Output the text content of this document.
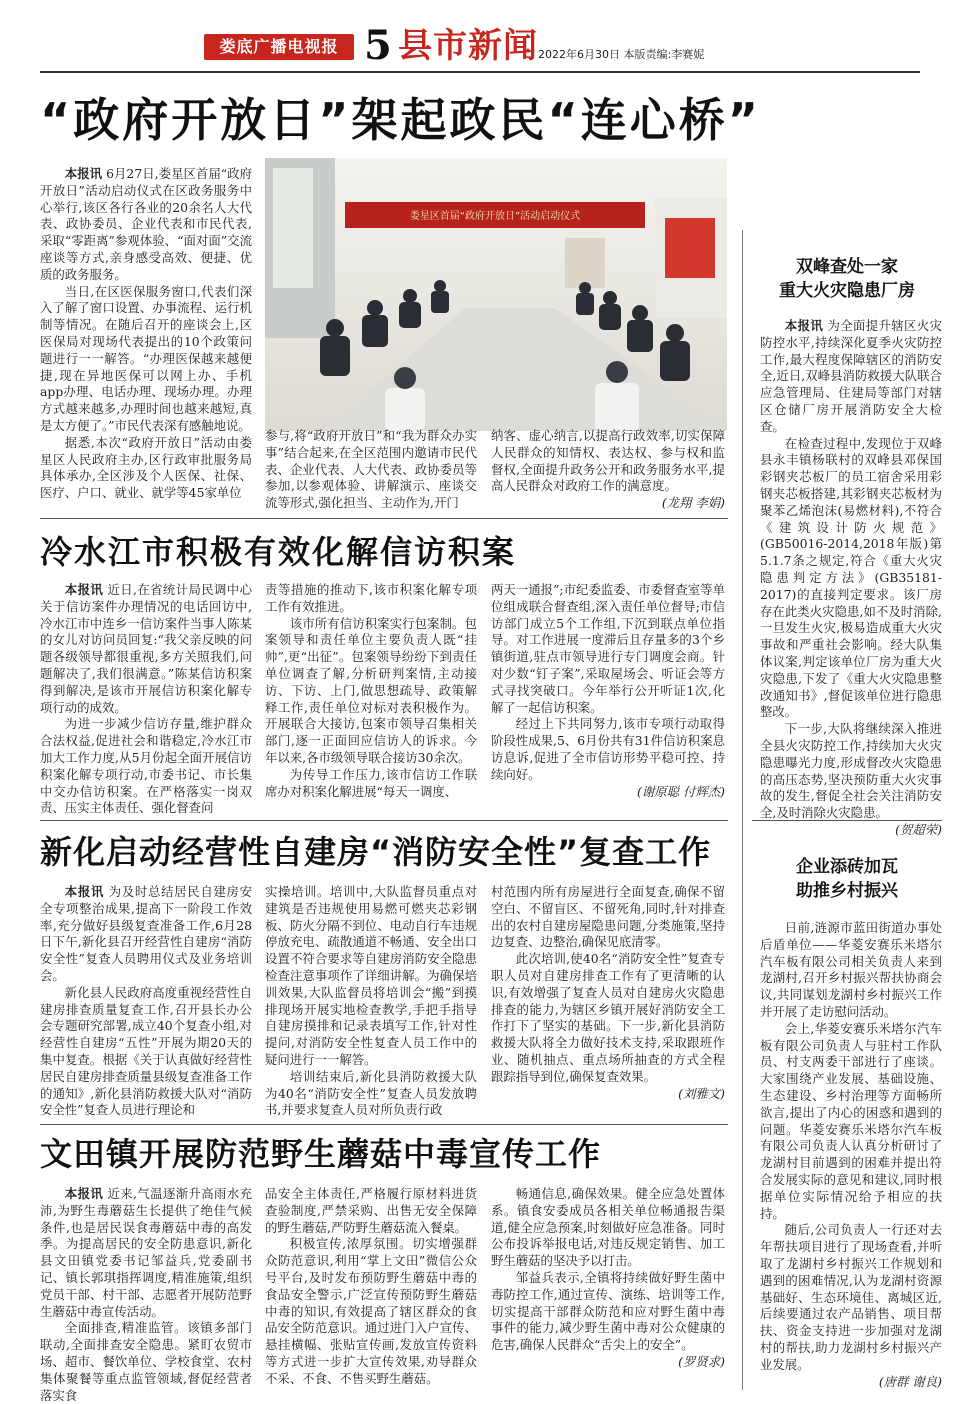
娄底广播电视报 5 县市新闻 2022年6月30日 本版责编:李赛妮
“政府开放日”架起政民“连心桥”

本报讯 6月27日,娄星区首届“政府开放日”活动启动仪式在区政务服务中心举行,该区各行各业的20余名人大代表、政协委员、企业代表和市民代表,采取“零距离”参观体验、“面对面”交流座谈等方式,亲身感受高效、便捷、优质的政务服务。

当日,在区医保服务窗口,代表们深入了解了窗口设置、办事流程、运行机制等情况。在随后召开的座谈会上,区医保局对现场代表提出的10个政策问题进行一一解答。“办理医保越来越便捷,现在异地医保可以网上办、手机app办理、电话办理、现场办理。办理方式越来越多,办理时间也越来越短,真是太方便了。”市民代表深有感触地说。

据悉,本次“政府开放日”活动由娄星区人民政府主办,区行政审批服务局具体承办,全区涉及个人医保、社保、医疗、户口、就业、就学等45家单位

娄星区首届“政府开放日”活动启动仪式

参与,将“政府开放日”和“我为群众办实事”结合起来,在全区范围内邀请市民代表、企业代表、人大代表、政协委员等参加,以参观体验、讲解演示、座谈交流等形式,强化担当、主动作为,开门

纳客、虚心纳言,以提高行政效率,切实保障人民群众的知情权、表达权、参与权和监督权,全面提升政务公开和政务服务水平,提高人民群众对政府工作的满意度。

(龙翔 李娟)
冷水江市积极有效化解信访积案

本报讯 近日,在省统计局民调中心关于信访案件办理情况的电话回访中,冷水江市中连乡一信访案件当事人陈某的女儿对访问员回复:“我父亲反映的问题各级领导都很重视,多方关照我们,问题解决了,我们很满意。”陈某信访积案得到解决,是该市开展信访积案化解专项行动的成效。

为进一步减少信访存量,维护群众合法权益,促进社会和谐稳定,冷水江市加大工作力度,从5月份起全面开展信访积案化解专项行动,市委书记、市长集中交办信访积案。在严格落实一岗双责、压实主体责任、强化督查问

责等措施的推动下,该市积案化解专项工作有效推进。

该市所有信访积案实行包案制。包案领导和责任单位主要负责人既“挂帅”,更“出征”。包案领导纷纷下到责任单位调查了解,分析研判案情,主动接访、下访、上门,做思想疏导、政策解释工作,责任单位对标对表积极作为。开展联合大接访,包案市领导召集相关部门,逐一正面回应信访人的诉求。今年以来,各市级领导联合接访30余次。

为传导工作压力,该市信访工作联席办对积案化解进展“每天一调度、

两天一通报”;市纪委监委、市委督查室等单位组成联合督查组,深入责任单位督导;市信访部门成立5个工作组,下沉到联点单位指导。对工作进展一度滞后且存量多的3个乡镇街道,驻点市领导进行专门调度会商。针对少数“钉子案”,采取屋场会、听证会等方式寻找突破口。今年举行公开听证1次,化解了一起信访积案。

经过上下共同努力,该市专项行动取得阶段性成果,5、6月份共有31件信访积案息访息诉,促进了全市信访形势平稳可控、持续向好。

(谢原聪 付辉杰)
新化启动经营性自建房“消防安全性”复查工作

本报讯 为及时总结居民自建房安全专项整治成果,提高下一阶段工作效率,充分做好县级复查准备工作,6月28日下午,新化县召开经营性自建房“消防安全性”复查人员聘用仪式及业务培训会。

新化县人民政府高度重视经营性自建房排查质量复查工作,召开县长办公会专题研究部署,成立40个复查小组,对经营性自建房“五性”开展为期20天的集中复查。根据《关于认真做好经营性居民自建房排查质量县级复查准备工作的通知》,新化县消防救援大队对“消防安全性”复查人员进行理论和

实操培训。培训中,大队监督员重点对建筑是否违规使用易燃可燃夹芯彩钢板、防火分隔不到位、电动自行车违规停放充电、疏散通道不畅通、安全出口设置不符合要求等自建房消防安全隐患检查注意事项作了详细讲解。为确保培训效果,大队监督员将培训会“搬”到摸排现场开展实地检查教学,手把手指导自建房摸排和记录表填写工作,针对性提问,对消防安全性复查人员工作中的疑问进行一一解答。

培训结束后,新化县消防救援大队为40名“消防安全性”复查人员发放聘书,并要求复查人员对所负责行政

村范围内所有房屋进行全面复查,确保不留空白、不留盲区、不留死角,同时,针对排查出的农村自建房屋隐患问题,分类施策,坚持边复查、边整治,确保见底清零。

此次培训,使40名“消防安全性”复查专职人员对自建房排查工作有了更清晰的认识,有效增强了复查人员对自建房火灾隐患排查的能力,为辖区乡镇开展好消防安全工作打下了坚实的基础。下一步,新化县消防救援大队将全力做好技术支持,采取跟班作业、随机抽点、重点场所抽查的方式全程跟踪指导到位,确保复查效果。

(刘雅文)
文田镇开展防范野生蘑菇中毒宣传工作

本报讯 近来,气温逐渐升高雨水充沛,为野生毒蘑菇生长提供了绝佳气候条件,也是居民误食毒蘑菇中毒的高发季。为提高居民的安全防患意识,新化县文田镇党委书记邹益兵,党委副书记、镇长郭琪指挥调度,精准施策,组织党员干部、村干部、志愿者开展防范野生蘑菇中毒宣传活动。

全面排查,精准监管。该镇多部门联动,全面排查安全隐患。紧盯农贸市场、超市、餐饮单位、学校食堂、农村集体聚餐等重点监管领域,督促经营者落实食

品安全主体责任,严格履行原材料进货查验制度,严禁采购、出售无安全保障的野生蘑菇,严防野生蘑菇流入餐桌。

积极宣传,浓厚氛围。切实增强群众防范意识,利用“掌上文田”微信公众号平台,及时发布预防野生蘑菇中毒的食品安全警示,广泛宣传预防野生蘑菇中毒的知识,有效提高了辖区群众的食品安全防范意识。通过进门入户宣传、悬挂横幅、张贴宣传画,发放宣传资料等方式进一步扩大宣传效果,劝导群众不采、不食、不售买野生蘑菇。

畅通信息,确保效果。健全应急处置体系。镇食安委成员各相关单位畅通报告渠道,健全应急预案,时刻做好应急准备。同时公布投诉举报电话,对违反规定销售、加工野生蘑菇的坚决予以打击。

邹益兵表示,全镇将持续做好野生菌中毒防控工作,通过宣传、演练、培训等工作,切实提高干部群众防范和应对野生菌中毒事件的能力,减少野生菌中毒对公众健康的危害,确保人民群众“舌尖上的安全”。

(罗贤求)
双峰查处一家
重大火灾隐患厂房

本报讯 为全面提升辖区火灾防控水平,持续深化夏季火灾防控工作,最大程度保障辖区的消防安全,近日,双峰县消防救援大队联合应急管理局、住建局等部门对辖区仓储厂房开展消防安全大检查。

在检查过程中,发现位于双峰县永丰镇杨联村的双峰县邓保国彩钢夹芯板厂的员工宿舍采用彩钢夹芯板搭建,其彩钢夹芯板材为聚苯乙烯泡沫(易燃材料),不符合《建筑设计防火规范》(GB50016-2014,2018年版)第5.1.7条之规定,符合《重大火灾隐患判定方法》(GB35181-2017)的直接判定要求。该厂房存在此类火灾隐患,如不及时消除,一旦发生火灾,极易造成重大火灾事故和严重社会影响。经大队集体议案,判定该单位厂房为重大火灾隐患,下发了《重大火灾隐患整改通知书》,督促该单位进行隐患整改。

下一步,大队将继续深入推进全县火灾防控工作,持续加大火灾隐患曝光力度,形成督改火灾隐患的高压态势,坚决预防重大火灾事故的发生,督促全社会关注消防安全,及时消除火灾隐患。

(贺超荣)
企业添砖加瓦
助推乡村振兴

日前,涟源市蓝田街道办事处后盾单位——华菱安赛乐米塔尔汽车板有限公司相关负责人来到龙湖村,召开乡村振兴帮扶协商会议,共同谋划龙湖村乡村振兴工作并开展了走访慰问活动。

会上,华菱安赛乐米塔尔汽车板有限公司负责人与驻村工作队员、村支两委干部进行了座谈。大家围绕产业发展、基础设施、生态建设、乡村治理等方面畅所欲言,提出了内心的困惑和遇到的问题。华菱安赛乐米塔尔汽车板有限公司负责人认真分析研讨了龙湖村目前遇到的困难并提出符合发展实际的意见和建议,同时根据单位实际情况给予相应的扶持。

随后,公司负责人一行还对去年帮扶项目进行了现场查看,并听取了龙湖村乡村振兴工作规划和遇到的困难情况,认为龙湖村资源基础好、生态环境佳、离城区近,后续要通过农产品销售、项目帮扶、资金支持进一步加强对龙湖村的帮扶,助力龙湖村乡村振兴产业发展。

(唐群 谢良)
